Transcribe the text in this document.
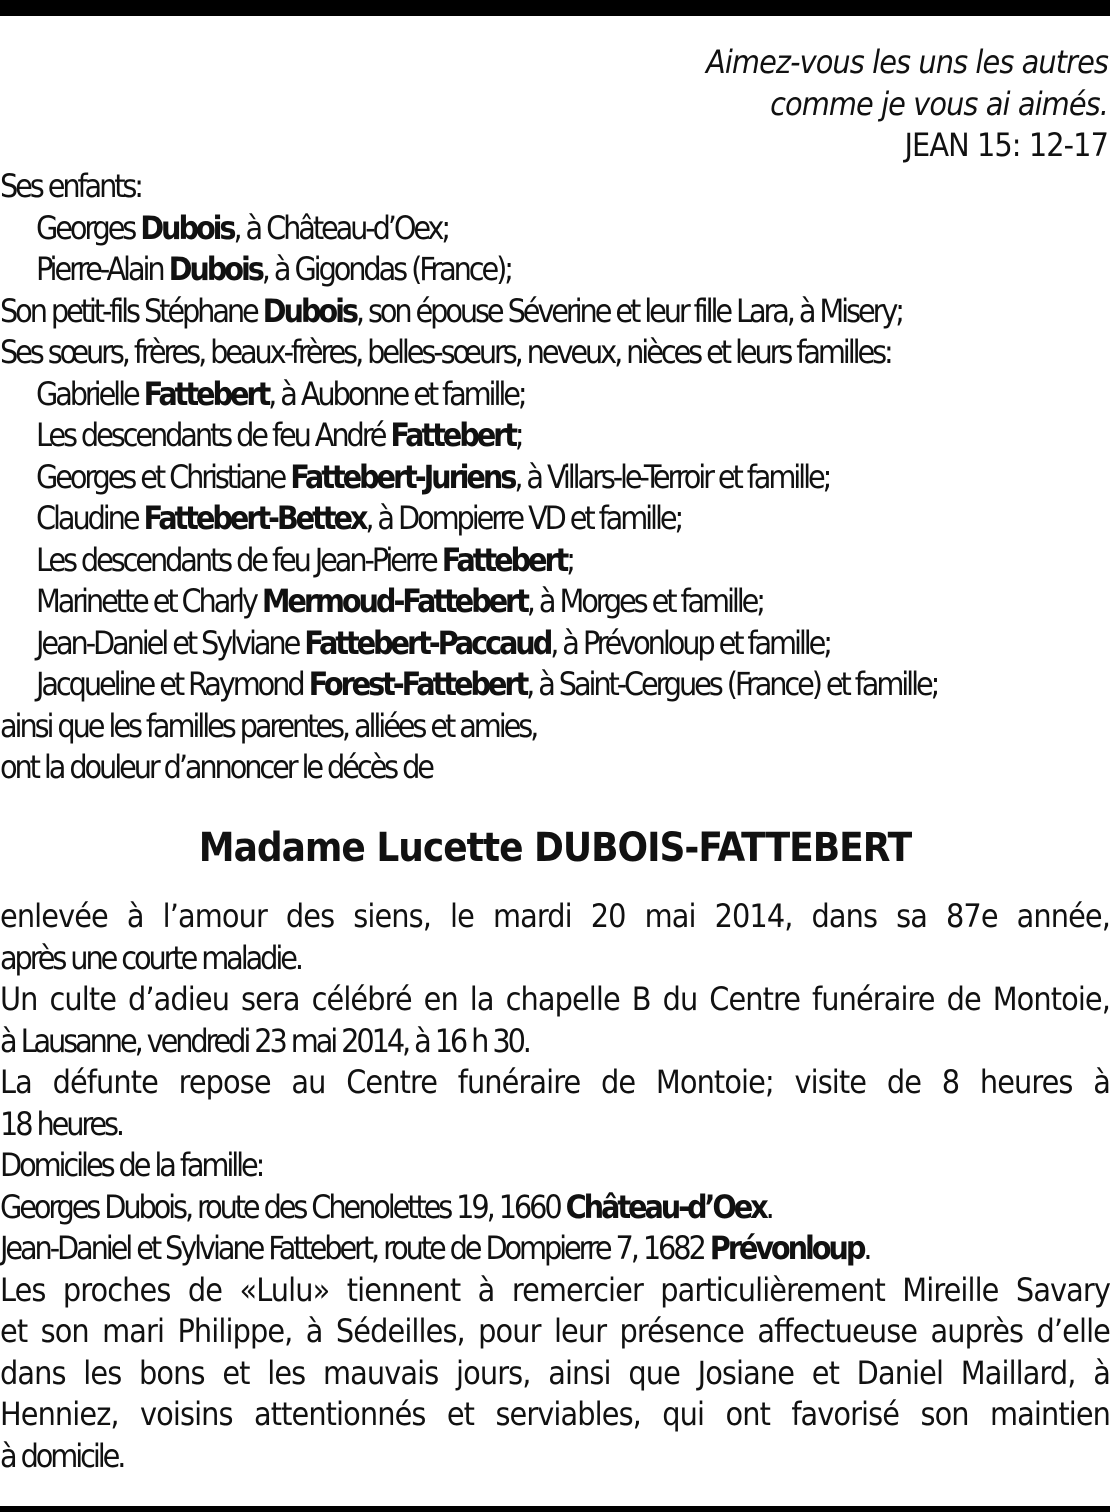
Aimez-vous les uns les autres
comme je vous ai aimés.
JEAN 15: 12-17
Ses enfants:
Georges Dubois, à Château-d’Oex;
Pierre-Alain Dubois, à Gigondas (France);
Son petit-fils Stéphane Dubois, son épouse Séverine et leur fille Lara, à Misery;
Ses sœurs, frères, beaux-frères, belles-sœurs, neveux, nièces et leurs familles:
Gabrielle Fattebert, à Aubonne et famille;
Les descendants de feu André Fattebert;
Georges et Christiane Fattebert-Juriens, à Villars-le-Terroir et famille;
Claudine Fattebert-Bettex, à Dompierre VD et famille;
Les descendants de feu Jean-Pierre Fattebert;
Marinette et Charly Mermoud-Fattebert, à Morges et famille;
Jean-Daniel et Sylviane Fattebert-Paccaud, à Prévonloup et famille;
Jacqueline et Raymond Forest-Fattebert, à Saint-Cergues (France) et famille;
ainsi que les familles parentes, alliées et amies,
ont la douleur d’annoncer le décès de
Madame Lucette DUBOIS-FATTEBERT
enlevée à l’amour des siens, le mardi 20 mai 2014, dans sa 87e année,
après une courte maladie.
Un culte d’adieu sera célébré en la chapelle B du Centre funéraire de Montoie,
à Lausanne, vendredi 23 mai 2014, à 16 h 30.
La défunte repose au Centre funéraire de Montoie; visite de 8 heures à
18 heures.
Domiciles de la famille:
Georges Dubois, route des Chenolettes 19, 1660 Château-d’Oex.
Jean-Daniel et Sylviane Fattebert, route de Dompierre 7, 1682 Prévonloup.
Les proches de «Lulu» tiennent à remercier particulièrement Mireille Savary
et son mari Philippe, à Sédeilles, pour leur présence affectueuse auprès d’elle
dans les bons et les mauvais jours, ainsi que Josiane et Daniel Maillard, à
Henniez, voisins attentionnés et serviables, qui ont favorisé son maintien
à domicile.
